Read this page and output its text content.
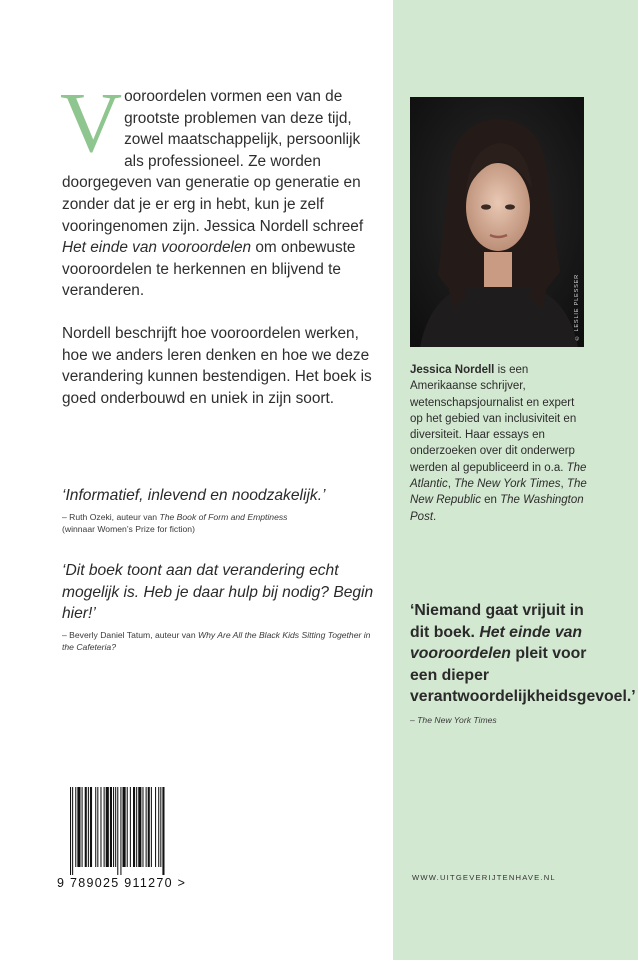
Vooroordelen vormen een van de grootste problemen van deze tijd, zowel maatschappelijk, persoonlijk als professioneel. Ze worden doorgegeven van generatie op generatie en zonder dat je er erg in hebt, kun je zelf vooringenomen zijn. Jessica Nordell schreef Het einde van vooroordelen om onbewuste vooroordelen te herkennen en blijvend te veranderen.
Nordell beschrijft hoe vooroordelen werken, hoe we anders leren denken en hoe we deze verandering kunnen bestendigen. Het boek is goed onderbouwd en uniek in zijn soort.
‘Informatief, inlevend en noodzakelijk.’
– Ruth Ozeki, auteur van The Book of Form and Emptiness
(winnaar Women’s Prize for fiction)
‘Dit boek toont aan dat verandering echt mogelijk is. Heb je daar hulp bij nodig? Begin hier!’
– Beverly Daniel Tatum, auteur van Why Are All the Black Kids Sitting Together in the Cafeteria?
9 789025 911270 >
© LESLIE PLESSER
Jessica Nordell is een Amerikaanse schrijver, wetenschapsjournalist en expert op het gebied van inclusiviteit en diversiteit. Haar essays en onderzoeken over dit onderwerp werden al gepubliceerd in o.a. The Atlantic, The New York Times, The New Republic en The Washington Post.
‘Niemand gaat vrijuit in dit boek. Het einde van vooroordelen pleit voor een dieper verantwoordelijkheidsgevoel.’
– The New York Times
WWW.UITGEVERIJTENHAVE.NL
